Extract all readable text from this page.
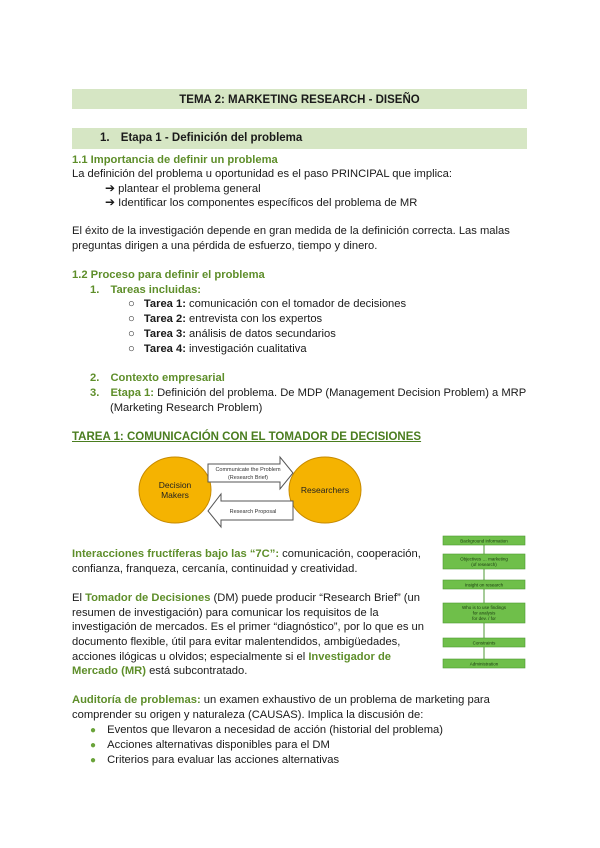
TEMA 2: MARKETING RESEARCH - DISEÑO
1. Etapa 1 - Definición del problema
1.1 Importancia de definir un problema
La definición del problema u oportunidad es el paso PRINCIPAL que implica:
➔ plantear el problema general
➔ Identificar los componentes específicos del problema de MR
El éxito de la investigación depende en gran medida de la definición correcta. Las malas
preguntas dirigen a una pérdida de esfuerzo, tiempo y dinero.
1.2 Proceso para definir el problema
1. Tareas incluidas:
○ Tarea 1: comunicación con el tomador de decisiones
○ Tarea 2: entrevista con los expertos
○ Tarea 3: análisis de datos secundarios
○ Tarea 4: investigación cualitativa
2. Contexto empresarial
3. Etapa 1: Definición del problema. De MDP (Management Decision Problem) a MRP
(Marketing Research Problem)
TAREA 1: COMUNICACIÓN CON EL TOMADOR DE DECISIONES
Decision
Makers	Researchers
Communicate the Problem
(Research Brief)
Research Proposal
Background information
Objectives … marketing
(of research)
Insight on research
Who is to use findings
for analysis
for dev. / for
Constraints
Administration
Interacciones fructíferas bajo las “7C”: comunicación, cooperación,
confianza, franqueza, cercanía, continuidad y creatividad.
El Tomador de Decisiones (DM) puede producir “Research Brief” (un
resumen de investigación) para comunicar los requisitos de la
investigación de mercados. Es el primer “diagnóstico”, por lo que es un
documento flexible, útil para evitar malentendidos, ambigüedades,
acciones ilógicas u olvidos; especialmente si el Investigador de
Mercado (MR) está subcontratado.
Auditoría de problemas: un examen exhaustivo de un problema de marketing para
comprender su origen y naturaleza (CAUSAS). Implica la discusión de:
● Eventos que llevaron a necesidad de acción (historial del problema)
● Acciones alternativas disponibles para el DM
● Criterios para evaluar las acciones alternativas
